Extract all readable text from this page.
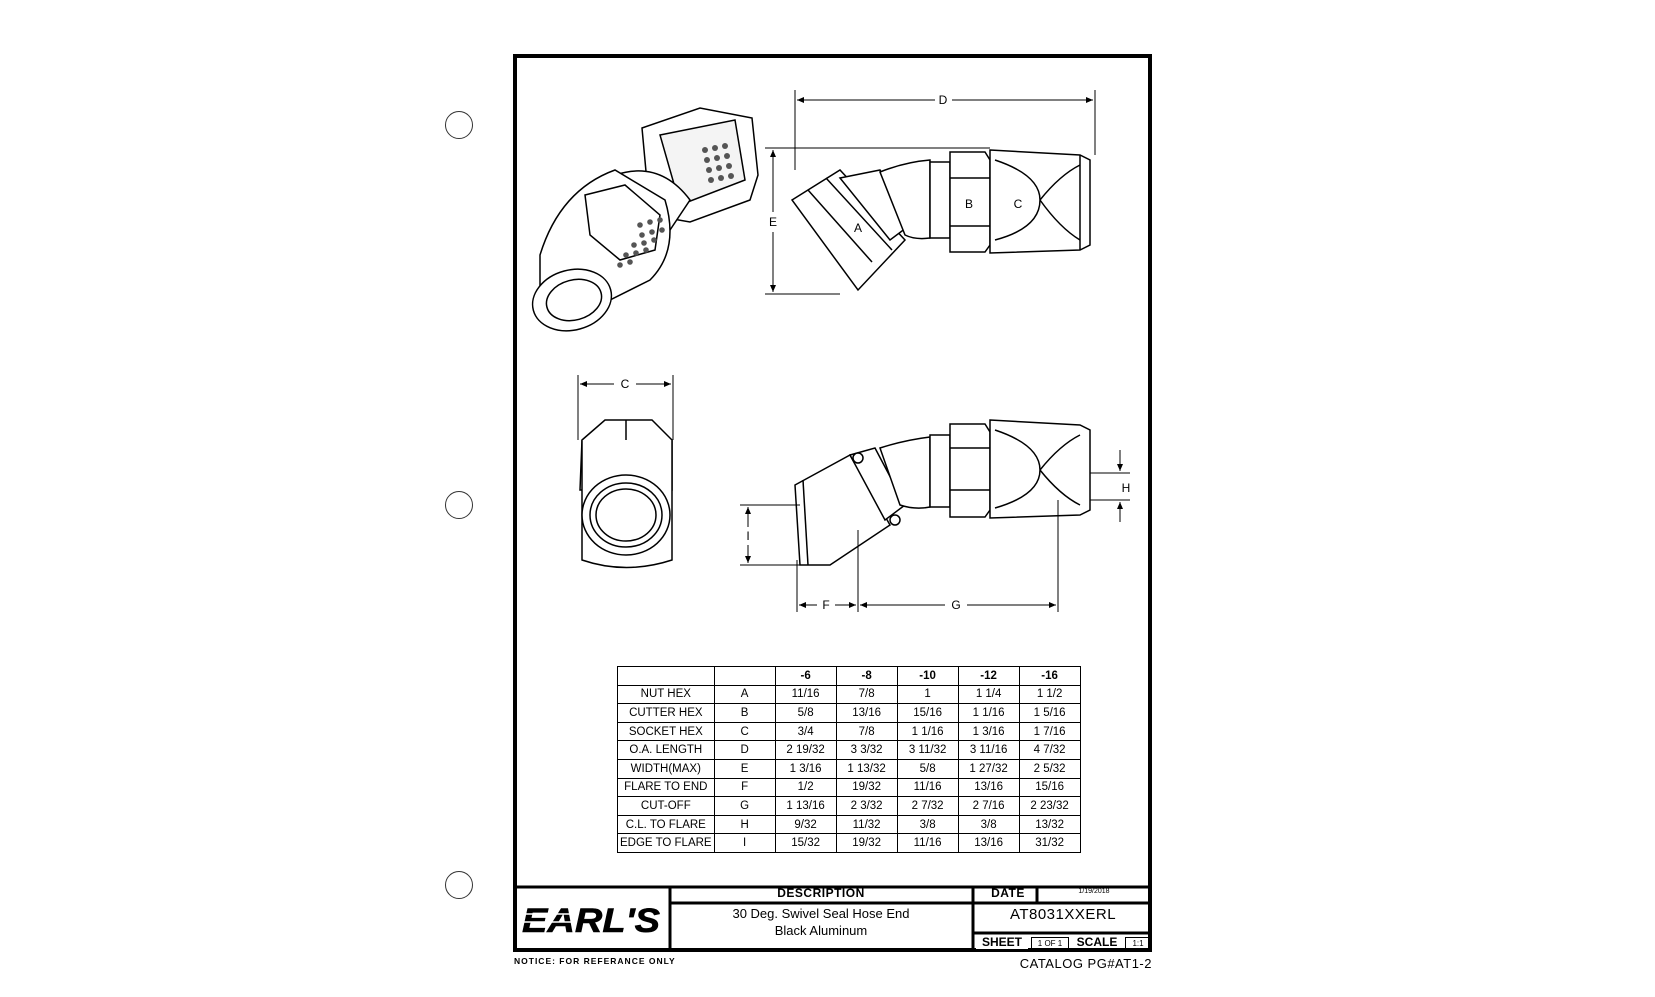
A
B	C
D
E
C
H
I
F	G
		-6	-8	-10	-12	-16
NUT HEX	A	11/16	7/8	1	1 1/4	1 1/2
CUTTER HEX	B	5/8	13/16	15/16	1 1/16	1 5/16
SOCKET HEX	C	3/4	7/8	1 1/16	1 3/16	1 7/16
O.A. LENGTH	D	2 19/32	3 3/32	3 11/32	3 11/16	4 7/32
WIDTH(MAX)	E	1 3/16	1 13/32	5/8	1 27/32	2 5/32
FLARE TO END	F	1/2	19/32	11/16	13/16	15/16
CUT-OFF	G	1 13/16	2 3/32	2 7/32	2 7/16	2 23/32
C.L. TO FLARE	H	9/32	11/32	3/8	3/8	13/32
EDGE TO FLARE	I	15/32	19/32	11/16	13/16	31/32
EARL'S
DESCRIPTION
30 Deg. Swivel Seal Hose End
Black Aluminum
DATE	1/19/2018
AT8031XXERL
SHEET	1 OF 1	SCALE	1:1
NOTICE: FOR REFERANCE ONLY	CATALOG PG#AT1-2
